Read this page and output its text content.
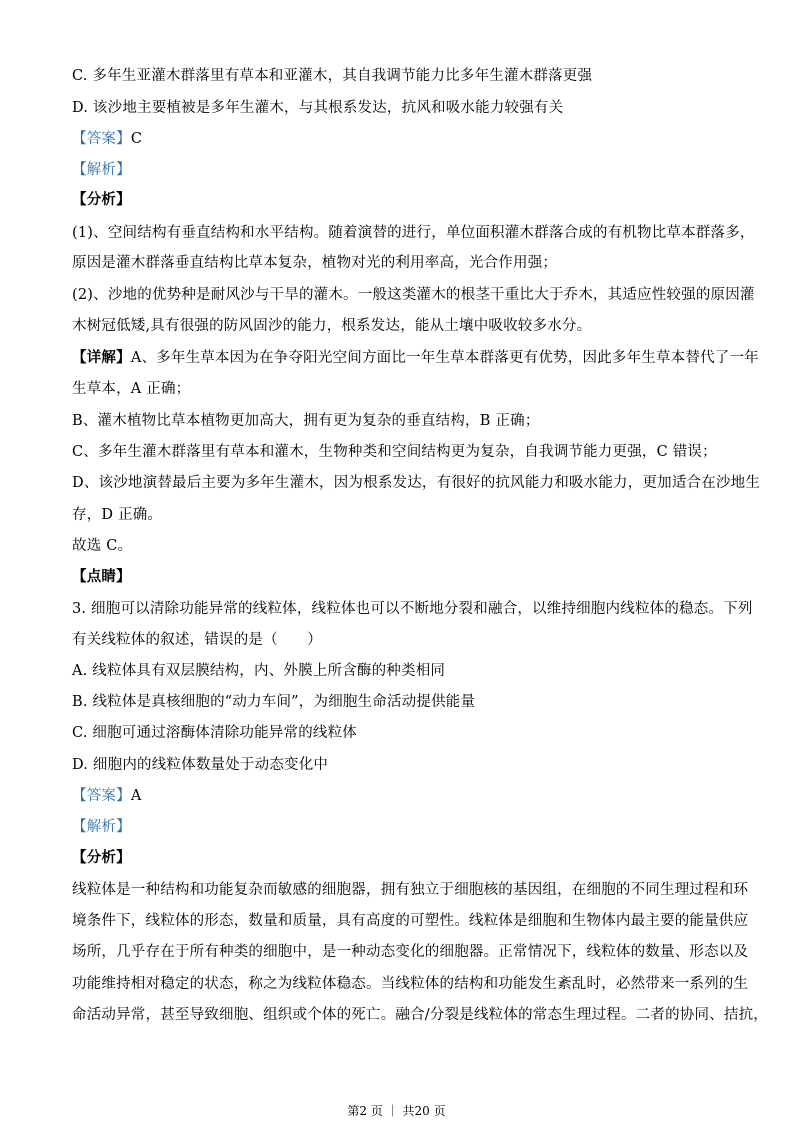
C. 多年生亚灌木群落里有草本和亚灌木，其自我调节能力比多年生灌木群落更强
D. 该沙地主要植被是多年生灌木，与其根系发达，抗风和吸水能力较强有关
【答案】C
【解析】
【分析】
(1)、空间结构有垂直结构和水平结构。随着演替的进行，单位面积灌木群落合成的有机物比草本群落多，
原因是灌木群落垂直结构比草本复杂，植物对光的利用率高，光合作用强；
(2)、沙地的优势种是耐风沙与干旱的灌木。一般这类灌木的根茎干重比大于乔木，其适应性较强的原因灌
木树冠低矮,具有很强的防风固沙的能力，根系发达，能从土壤中吸收较多水分。
【详解】A、多年生草本因为在争夺阳光空间方面比一年生草本群落更有优势，因此多年生草本替代了一年
生草本，A 正确；
B、灌木植物比草本植物更加高大，拥有更为复杂的垂直结构，B 正确；
C、多年生灌木群落里有草本和灌木，生物种类和空间结构更为复杂，自我调节能力更强，C 错误；
D、该沙地演替最后主要为多年生灌木，因为根系发达，有很好的抗风能力和吸水能力，更加适合在沙地生
存，D 正确。
故选 C。
【点睛】
3. 细胞可以清除功能异常的线粒体，线粒体也可以不断地分裂和融合，以维持细胞内线粒体的稳态。下列
有关线粒体的叙述，错误的是（　　）
A. 线粒体具有双层膜结构，内、外膜上所含酶的种类相同
B. 线粒体是真核细胞的“动力车间”，为细胞生命活动提供能量
C. 细胞可通过溶酶体清除功能异常的线粒体
D. 细胞内的线粒体数量处于动态变化中
【答案】A
【解析】
【分析】
线粒体是一种结构和功能复杂而敏感的细胞器，拥有独立于细胞核的基因组，在细胞的不同生理过程和环
境条件下，线粒体的形态，数量和质量，具有高度的可塑性。线粒体是细胞和生物体内最主要的能量供应
场所，几乎存在于所有种类的细胞中，是一种动态变化的细胞器。正常情况下，线粒体的数量、形态以及
功能维持相对稳定的状态，称之为线粒体稳态。当线粒体的结构和功能发生紊乱时，必然带来一系列的生
命活动异常，甚至导致细胞、组织或个体的死亡。融合/分裂是线粒体的常态生理过程。二者的协同、拮抗，
第2 页 ｜ 共20 页
